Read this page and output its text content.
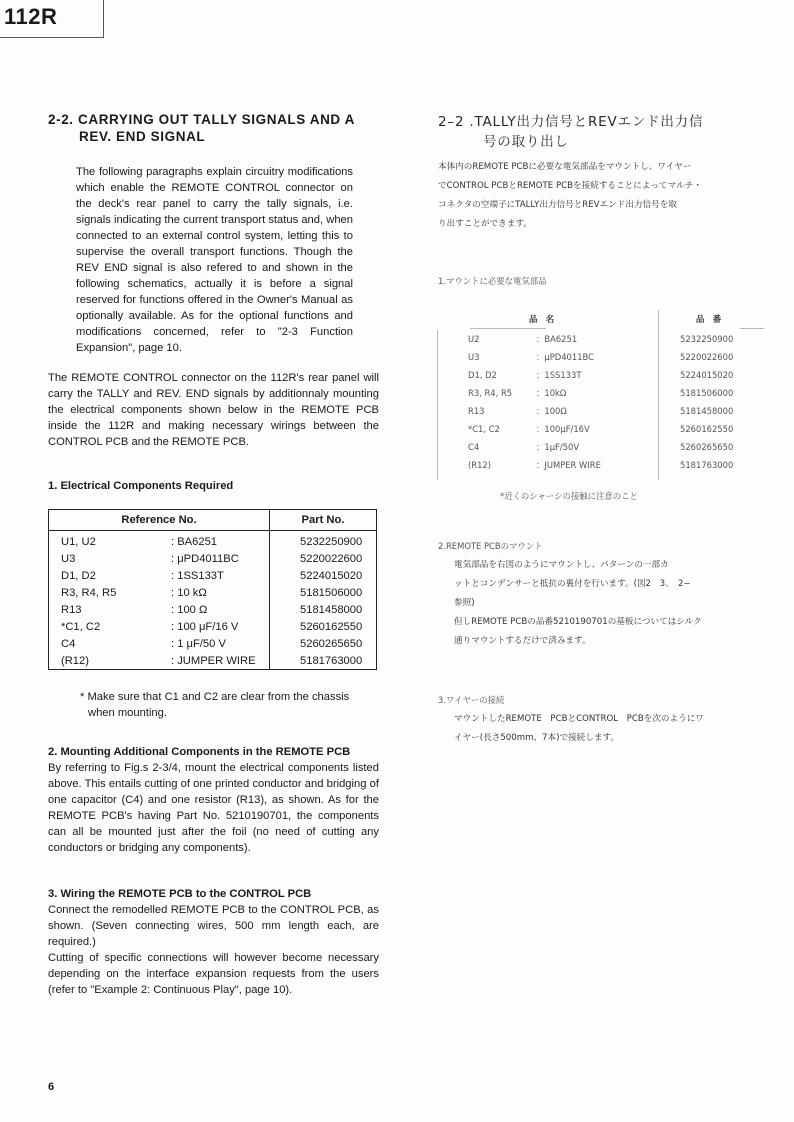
112R
2-2. CARRYING OUT TALLY SIGNALS AND A
REV. END SIGNAL

The following paragraphs explain circuitry modifications which enable the REMOTE CONTROL connector on the deck's rear panel to carry the tally signals, i.e. signals indicating the current transport status and, when connected to an external control system, letting this to supervise the overall transport functions. Though the REV END signal is also refered to and shown in the following schematics, actually it is before a signal reserved for functions offered in the Owner's Manual as optionally available. As for the optional functions and modifications concerned, refer to "2-3 Function Expansion", page 10.

The REMOTE CONTROL connector on the 112R's rear panel will carry the TALLY and REV. END signals by additionnaly mounting the electrical components shown below in the REMOTE PCB inside the 112R and making necessary wirings between the CONTROL PCB and the REMOTE PCB.

1. Electrical Components Required
Reference No.		Part No.
U1, U2	: BA6251	5232250900
U3	: μPD4011BC	5220022600
D1, D2	: 1SS133T	5224015020
R3, R4, R5	: 10 kΩ	5181506000
R13	: 100 Ω	5181458000
*C1, C2	: 100 μF/16 V	5260162550
C4	: 1 μF/50 V	5260265650
(R12)	: JUMPER WIRE	5181763000
* Make sure that C1 and C2 are clear from the chassis
when mounting.
2. Mounting Additional Components in the REMOTE PCB

By referring to Fig.s 2-3/4, mount the electrical components listed above. This entails cutting of one printed conductor and bridging of one capacitor (C4) and one resistor (R13), as shown. As for the REMOTE PCB's having Part No. 5210190701, the components can all be mounted just after the foil (no need of cutting any conductors or bridging any components).

3. Wiring the REMOTE PCB to the CONTROL PCB

Connect the remodelled REMOTE PCB to the CONTROL PCB, as shown. (Seven connecting wires, 500 mm length each, are required.)

Cutting of specific connections will however become necessary depending on the interface expansion requests from the users (refer to "Example 2: Continuous Play", page 10).

2–2 .TALLY出力信号とREVエンド出力信
号の取り出し
本体内のREMOTE PCBに必要な電気部品をマウントし、ワイヤー
でCONTROL PCBとREMOTE PCBを接続することによってマルチ・
コネクタの空端子にTALLY出力信号とREVエンド出力信号を取
り出すことができます。
1.マウントに必要な電気部品
品　名	品　番
U2	：BA6251	5232250900
U3	：μPD4011BC	5220022600
D1, D2	：1SS133T	5224015020
R3, R4, R5	：10kΩ	5181506000
R13	：100Ω	5181458000
*C1, C2	：100μF/16V	5260162550
C4	：1μF/50V	5260265650
(R12)	：JUMPER WIRE	5181763000
*近くのシャーシの接触に注意のこと
2.REMOTE PCBのマウント
電気部品を右図のようにマウントし、パターンの一部カ
ットとコンデンサーと抵抗の裏付を行います。(図2　3、　2−
参照)
但しREMOTE PCBの品番5210190701の基板についてはシルク
通りマウントするだけで済みます。
3.ワイヤーの接続
マウントしたREMOTE　PCBとCONTROL　PCBを次のようにワ
イヤー(長さ500mm、7本)で接続します。
6
